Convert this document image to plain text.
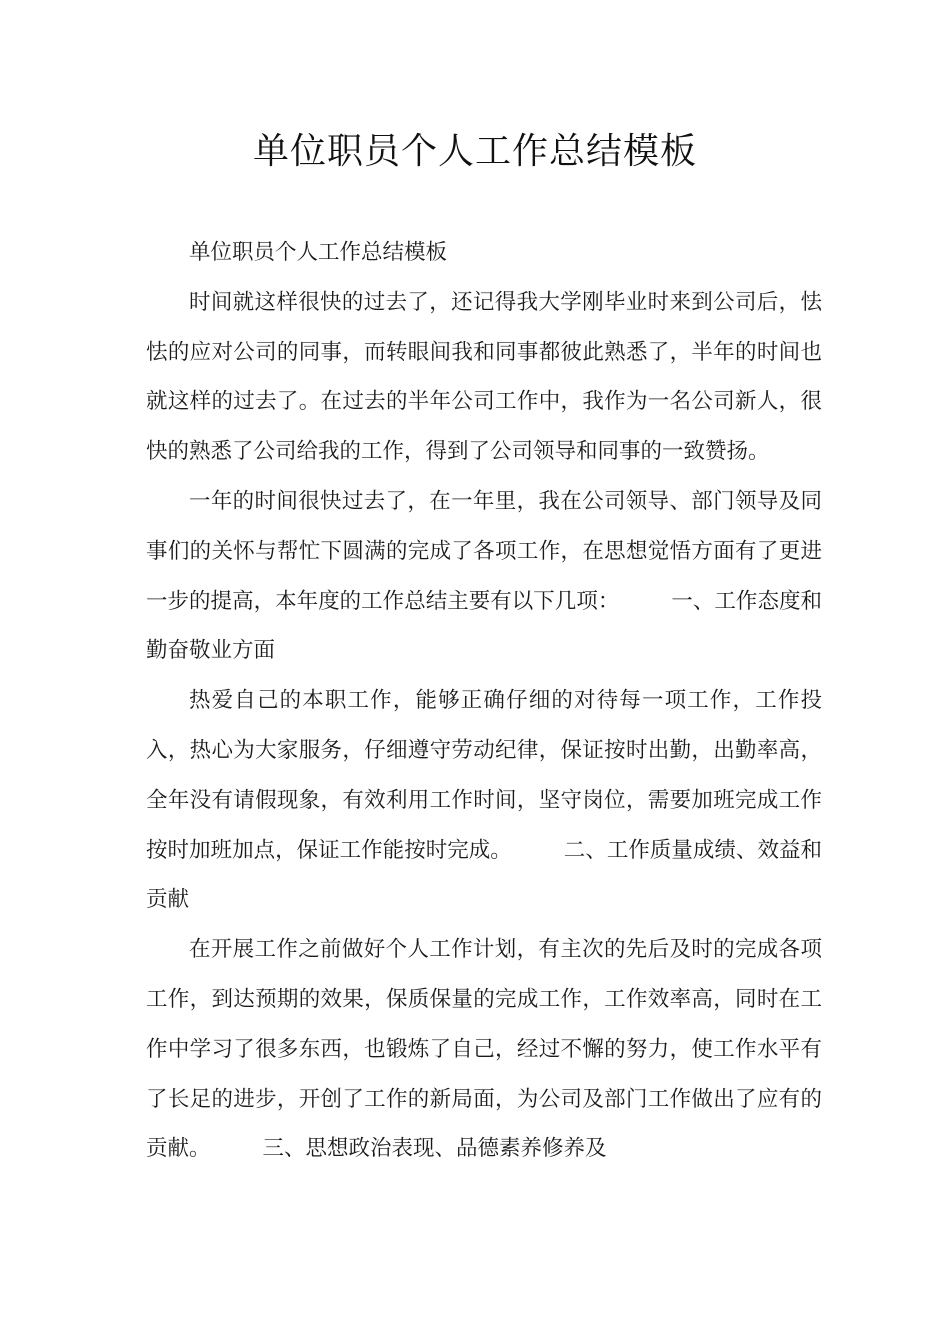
单位职员个人工作总结模板

单位职员个人工作总结模板

时间就这样很快的过去了，还记得我大学刚毕业时来到公司后，怯怯的应对公司的同事，而转眼间我和同事都彼此熟悉了，半年的时间也就这样的过去了。在过去的半年公司工作中，我作为一名公司新人，很快的熟悉了公司给我的工作，得到了公司领导和同事的一致赞扬。

一年的时间很快过去了，在一年里，我在公司领导、部门领导及同事们的关怀与帮忙下圆满的完成了各项工作，在思想觉悟方面有了更进一步的提高，本年度的工作总结主要有以下几项： 一、工作态度和勤奋敬业方面

热爱自己的本职工作，能够正确仔细的对待每一项工作，工作投入，热心为大家服务，仔细遵守劳动纪律，保证按时出勤，出勤率高，全年没有请假现象，有效利用工作时间，坚守岗位，需要加班完成工作按时加班加点，保证工作能按时完成。 二、工作质量成绩、效益和贡献

在开展工作之前做好个人工作计划，有主次的先后及时的完成各项工作，到达预期的效果，保质保量的完成工作，工作效率高，同时在工作中学习了很多东西，也锻炼了自己，经过不懈的努力，使工作水平有了长足的进步，开创了工作的新局面，为公司及部门工作做出了应有的贡献。 三、思想政治表现、品德素养修养及
